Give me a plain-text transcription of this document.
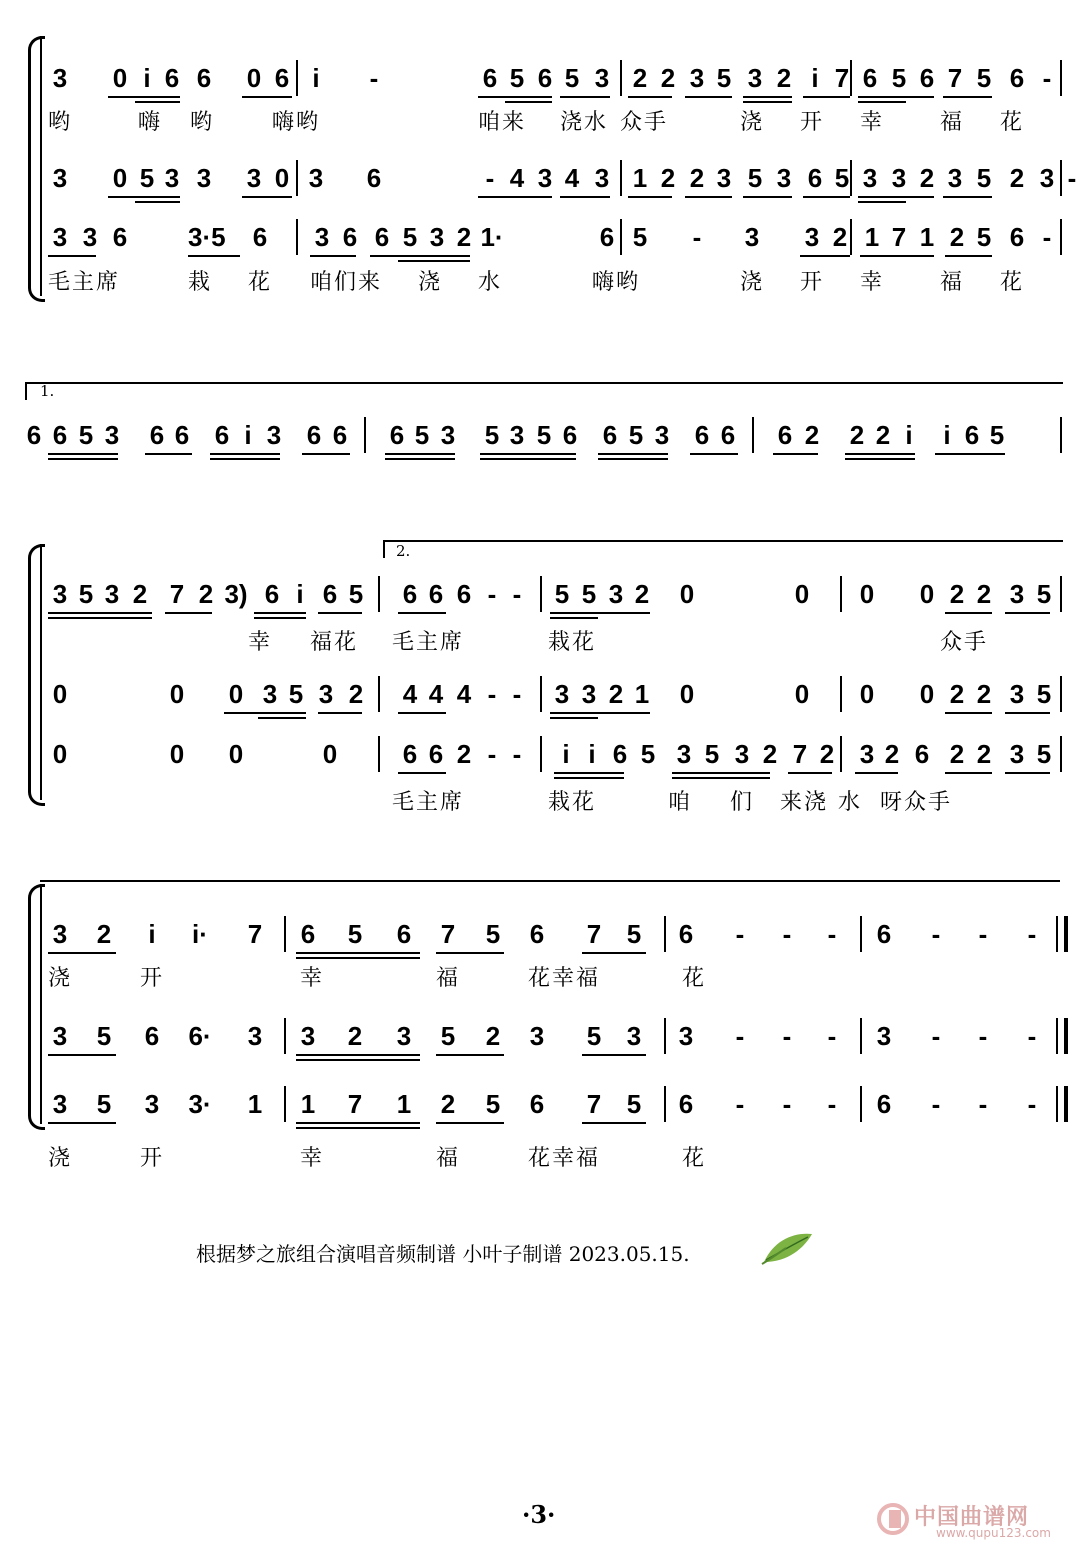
3 0 i 6 6 0 6 i	-	6 5 6 5 3 2 2 3 5 3 2 i 7 6 5 6 7 5 6 -
哟	嗨 哟	嗨哟	咱来 浇水 众手	浇 开 幸	福 花
3 0 5 3 3 3 0 3 6	- 4 3 4 3 1 2 2 3 5 3 6 5 3 3 2 3 5 2 3 -
3 3 6 3·5 6 3 6 6 5 3 2 1·	6 5 - 3 3 2 1 7 1 2 5 6 -
毛主席	栽 花 咱们来 浇 水	嗨哟	浇 开 幸	福 花
1.
6 6 5 3 6 6 6 i 3 6 6 6 5 3 5 3 5 6 6 5 3 6 6 6 2 2 2 i	i 6 5
2.
3 5 3 2 7 2 3) 6 i 6 5 6 6 6 - - 5 5 3 2 0	0 0 0 2 2 3 5
幸 福花 毛主席	栽花	众手
0	0 0 3 5 3 2 4 4 4 - - 3 3 2 1 0	0 0 0 2 2 3 5
0	0 0	0	6 6 2 - -	i i 6 5 3 5 3 2 7 2 3 2 6 2 2 3 5
毛主席	栽花	咱 们 来浇 水 呀众手
3 2	i	i· 7 6 5 6 7 5 6 7 5 6 - - - 6 - - -
浇	开	幸	福	花幸福	花
3 5 6 6· 3 3 2 3 5 2 3 5 3 3 - - - 3 - - -
3 5 3 3· 1 1 7 1 2 5 6 7 5 6 - - - 6 - - -
浇	开	幸	福	花幸福	花
根据梦之旅组合演唱音频制谱 小叶子制谱 2023.05.15.
·3·	中国曲谱网
www.qupu123.com
